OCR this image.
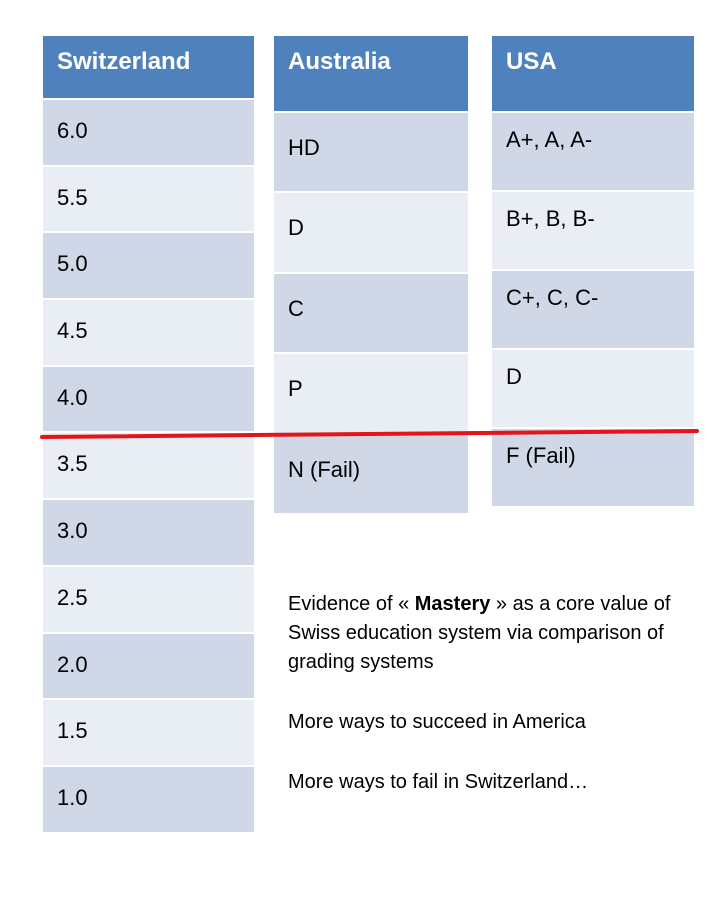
Switzerland
6.0
5.5
5.0
4.5
4.0
3.5
3.0
2.5
2.0
1.5
1.0
Australia
HD
D
C
P
N (Fail)
USA
A+, A, A-
B+, B, B-
C+, C, C-
D
F (Fail)

Evidence of « Mastery » as a core value of Swiss education system via comparison of grading systems

More ways to succeed in America

More ways to fail in Switzerland…
